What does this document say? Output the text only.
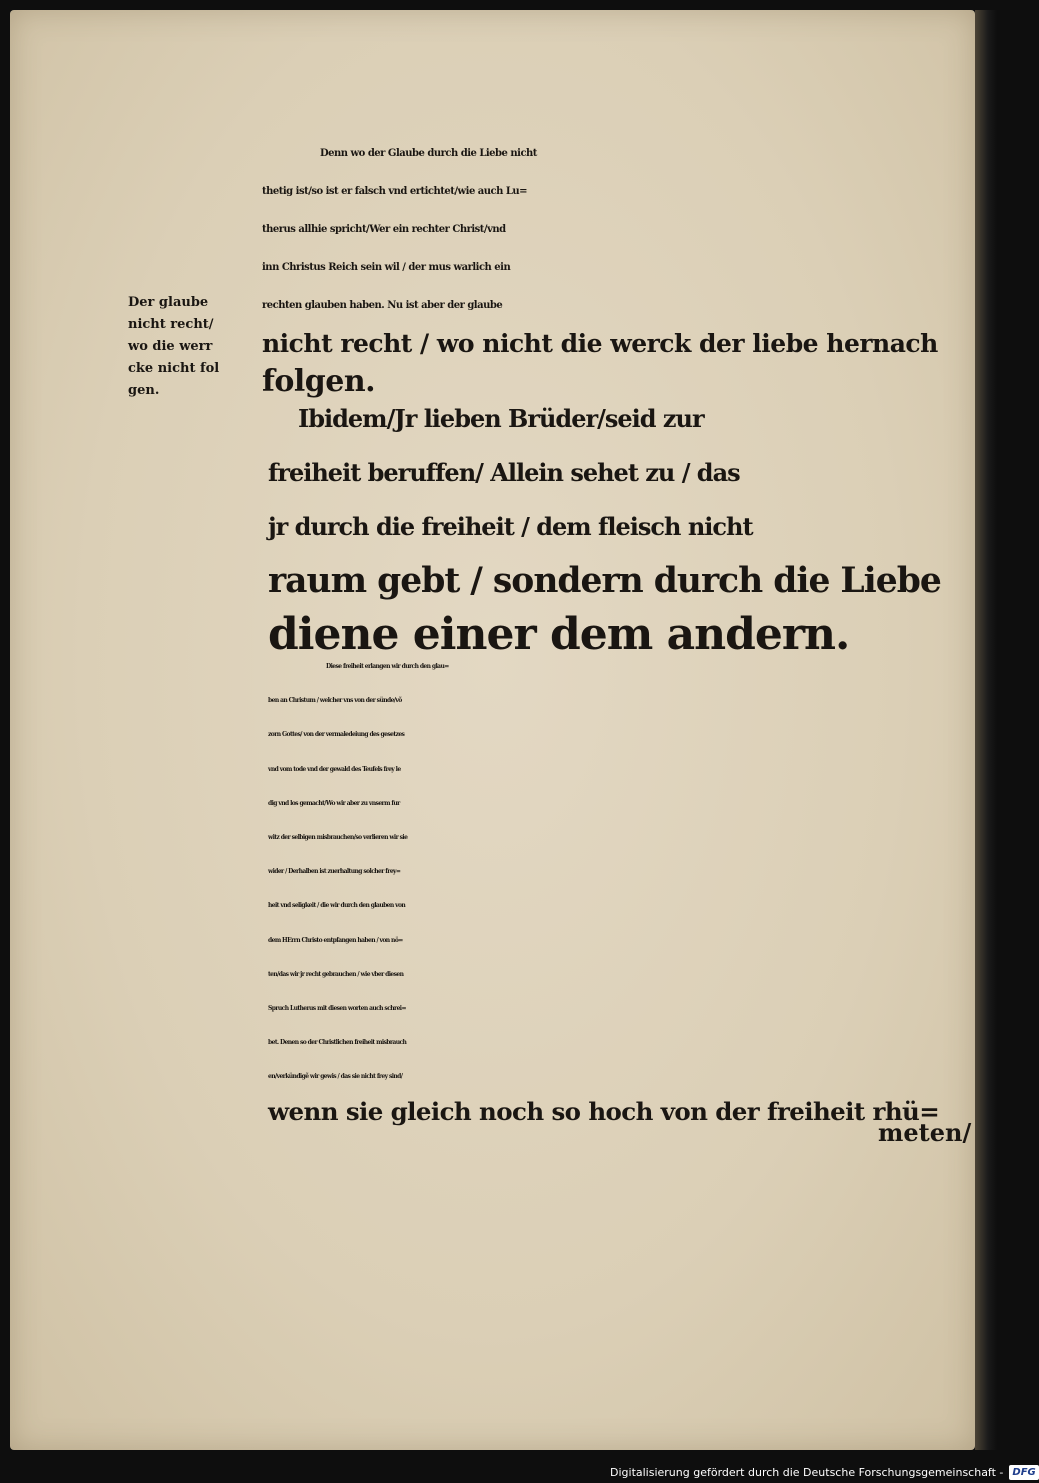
Denn wo der Glaube durch die Liebe nicht
thetig ist/so ist er falsch vnd ertichtet/wie auch Lu=
therus allhie spricht/Wer ein rechter Christ/vnd
inn Christus Reich sein wil / der mus warlich ein
rechten glauben haben. Nu ist aber der glaube
nicht recht / wo nicht die werck der liebe hernach
folgen.
Der glaube
nicht recht/
wo die werr
cke nicht fol
gen.
Ibidem/Jr lieben Brüder/seid zur
freiheit beruffen/ Allein sehet zu / das
jr durch die freiheit / dem fleisch nicht
raum gebt / sondern durch die Liebe
diene einer dem andern.
Diese freiheit erlangen wir durch den glau=
ben an Christum / welcher vns von der sünde/võ
zorn Gottes/ von der vermaledeiung des gesetzes
vnd vom tode vnd der gewald des Teufels frey le
dig vnd los gemacht/Wo wir aber zu vnserm fur
witz der selbigen misbrauchen/so verlieren wir sie
wider / Derhalben ist zuerhaltung solcher frey=
heit vnd seligkeit / die wir durch den glauben von
dem HErrn Christo entpfangen haben / von nö=
ten/das wir jr recht gebrauchen / wie vber diesen
Spruch Lutherus mit diesen worten auch schrei=
bet. Denen so der Christlichen freiheit misbrauch
en/verkündigẽ wir gewis / das sie nicht frey sind/
wenn sie gleich noch so hoch von der freiheit rhü=
meten/
Digitalisierung gefördert durch die Deutsche Forschungsgemeinschaft - DFG
